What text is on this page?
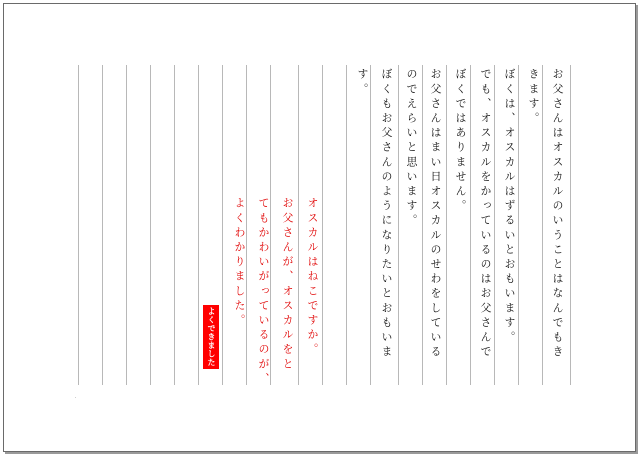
お父さんはオスカルのいうことはなんでもき
きます。
ぼくは、オスカルはずるいとおもいます。
でも、オスカルをかっているのはお父さんで
ぼくではありません。
お父さんはまい日オスカルのせわをしている
のでえらいと思います。
ぼくもお父さんのようになりたいとおもいま
す。
オスカルはねこですか。
お父さんが、オスカルをと
てもかわいがっているのが、
よくわかりました。
よくできました
